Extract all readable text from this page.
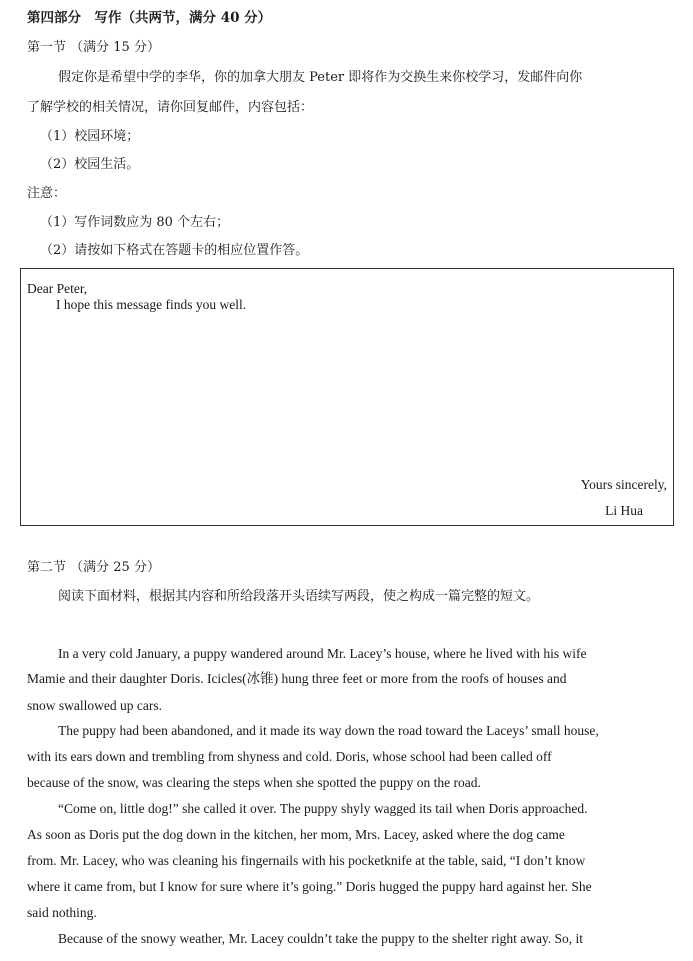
第四部分　写作（共两节，满分 40 分）
第一节 （满分 15 分）
假定你是希望中学的李华，你的加拿大朋友 Peter 即将作为交换生来你校学习，发邮件向你
了解学校的相关情况，请你回复邮件，内容包括：
（1）校园环境；
（2）校园生活。
注意：
（1）写作词数应为 80 个左右；
（2）请按如下格式在答题卡的相应位置作答。
Dear Peter,
I hope this message finds you well.
Yours sincerely,
Li Hua
第二节 （满分 25 分）
阅读下面材料，根据其内容和所给段落开头语续写两段，使之构成一篇完整的短文。
In a very cold January, a puppy wandered around Mr. Lacey’s house, where he lived with his wife
Mamie and their daughter Doris. Icicles(冰锥) hung three feet or more from the roofs of houses and
snow swallowed up cars.
The puppy had been abandoned, and it made its way down the road toward the Laceys’ small house,
with its ears down and trembling from shyness and cold. Doris, whose school had been called off
because of the snow, was clearing the steps when she spotted the puppy on the road.
“Come on, little dog!” she called it over. The puppy shyly wagged its tail when Doris approached.
As soon as Doris put the dog down in the kitchen, her mom, Mrs. Lacey, asked where the dog came
from. Mr. Lacey, who was cleaning his fingernails with his pocketknife at the table, said, “I don’t know
where it came from, but I know for sure where it’s going.” Doris hugged the puppy hard against her. She
said nothing.
Because of the snowy weather, Mr. Lacey couldn’t take the puppy to the shelter right away. So, it
